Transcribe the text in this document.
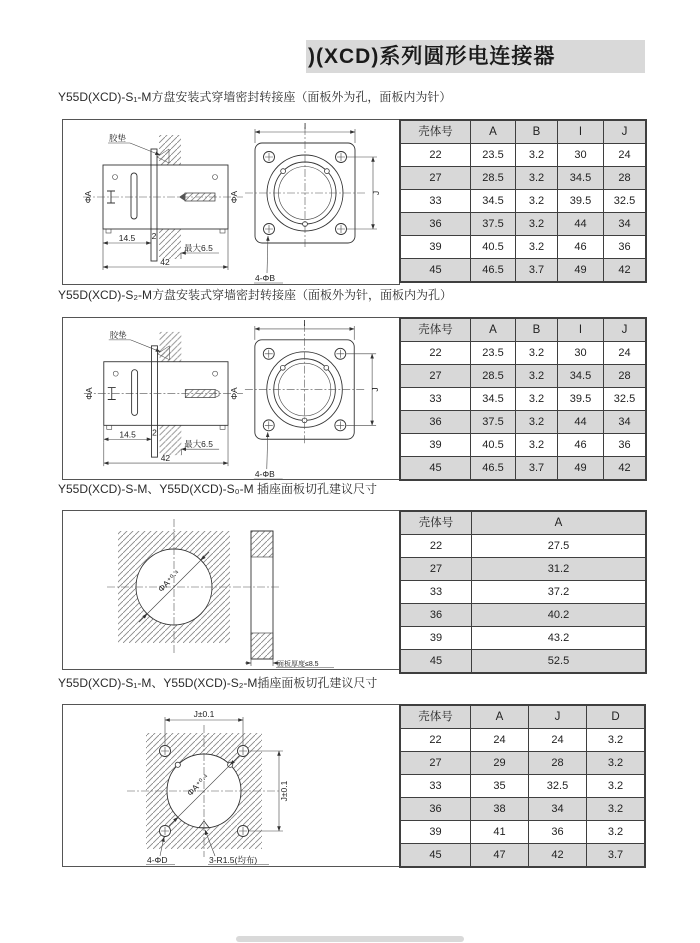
)(XCD)系列圆形电连接器
Y55D(XCD)-S₁-M方盘安装式穿墙密封转接座（面板外为孔，面板内为针）
胶垫
ΦA	ΦA
14.5 2
最大6.5
42
I
J
4-ΦB
壳体号	A	B	I	J
22	23.5	3.2	30	24
27	28.5	3.2	34.5	28
33	34.5	3.2	39.5	32.5
36	37.5	3.2	44	34
39	40.5	3.2	46	36
45	46.5	3.7	49	42
Y55D(XCD)-S₂-M方盘安装式穿墙密封转接座（面板外为针，面板内为孔）
胶垫
ΦA	ΦA
14.5 2
最大6.5
42
I
J
4-ΦB
壳体号	A	B	I	J
22	23.5	3.2	30	24
27	28.5	3.2	34.5	28
33	34.5	3.2	39.5	32.5
36	37.5	3.2	44	34
39	40.5	3.2	46	36
45	46.5	3.7	49	42
Y55D(XCD)-S-M、Y55D(XCD)-S₀-M 插座面板切孔建议尺寸
ΦA⁺⁰·⁴
面板厚度≤8.5
壳体号	A
22	27.5
27	31.2
33	37.2
36	40.2
39	43.2
45	52.5
Y55D(XCD)-S₁-M、Y55D(XCD)-S₂-M插座面板切孔建议尺寸
ΦA⁺⁰·⁴
J±0.1
J±0.1
4-ΦD	3-R1.5(均布)
壳体号	A	J	D
22	24	24	3.2
27	29	28	3.2
33	35	32.5	3.2
36	38	34	3.2
39	41	36	3.2
45	47	42	3.7
